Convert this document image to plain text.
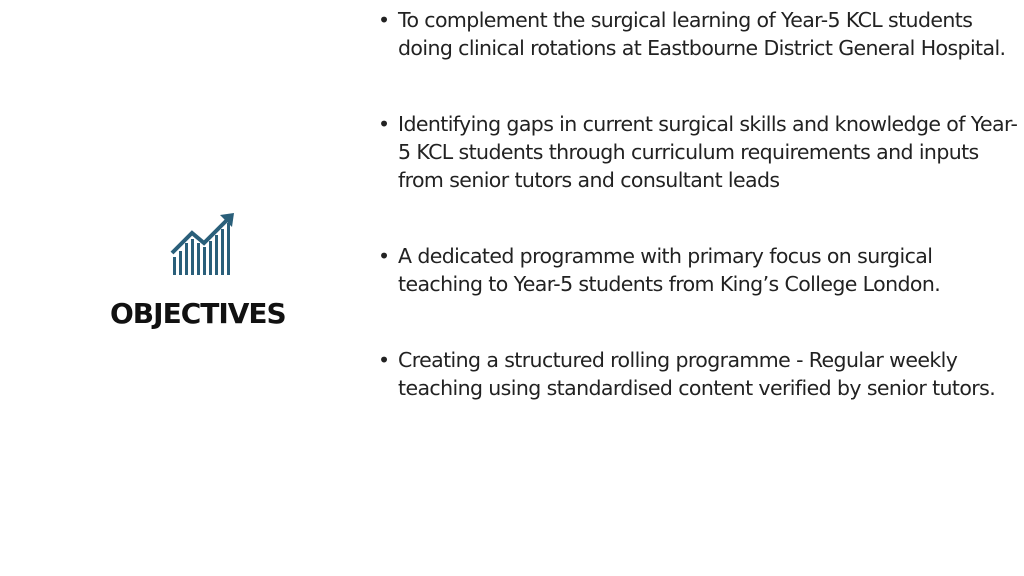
OBJECTIVES
• To complement the surgical learning of Year-5 KCL students doing clinical rotations at Eastbourne District General Hospital.
• Identifying gaps in current surgical skills and knowledge of Year-5 KCL students through curriculum requirements and inputs from senior tutors and consultant leads
• A dedicated programme with primary focus on surgical teaching to Year-5 students from King’s College London.
• Creating a structured rolling programme - Regular weekly teaching using standardised content verified by senior tutors.
